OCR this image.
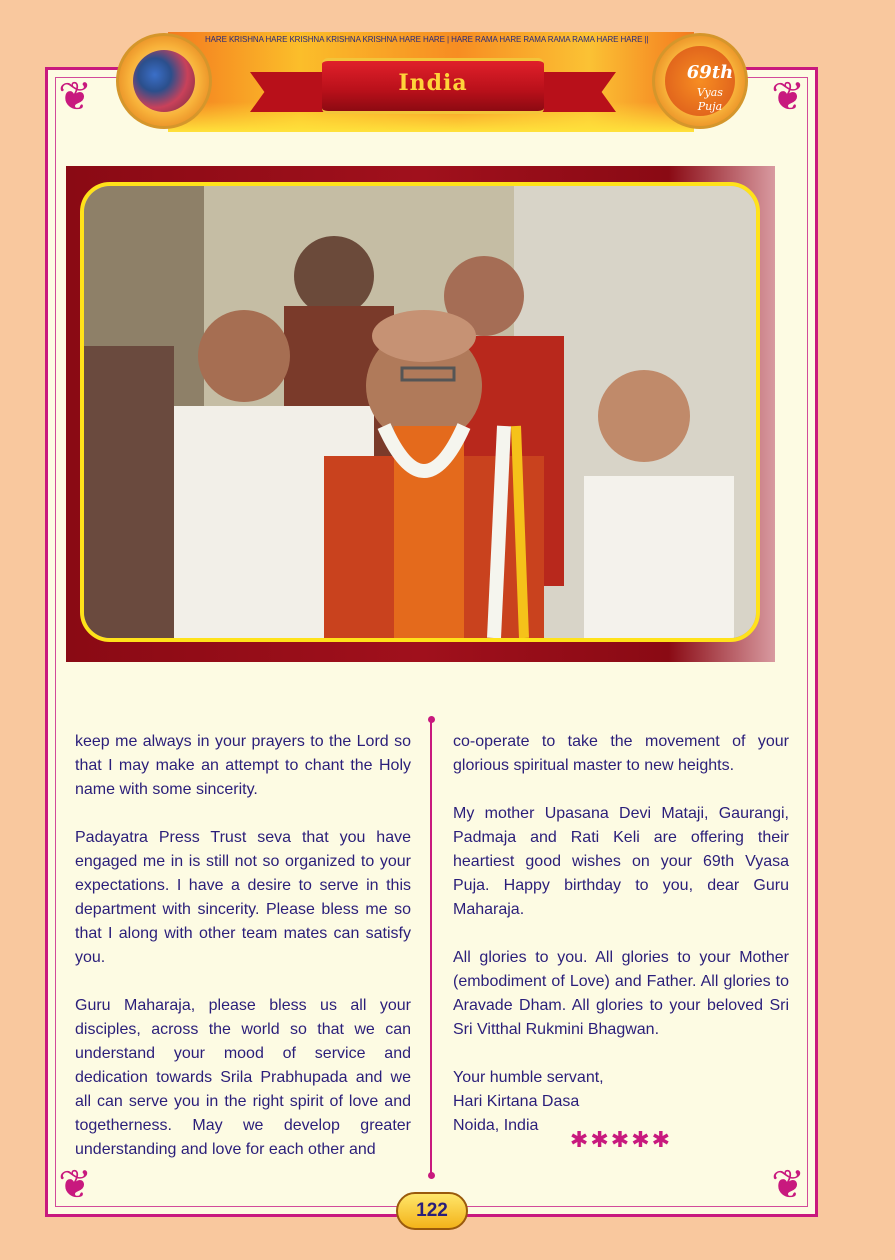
❦	❦
❦	❦
HARE KRISHNA HARE KRISHNA KRISHNA KRISHNA HARE HARE | HARE RAMA HARE RAMA RAMA RAMA HARE HARE ||
69th
Vyas
Puja
India

keep me always in your prayers to the Lord so that I may make an attempt to chant the Holy name with some sincerity.

Padayatra Press Trust seva that you have engaged me in is still not so organized to your expectations. I have a desire to serve in this department with sincerity. Please bless me so that I along with other team mates can satisfy you.

Guru Maharaja, please bless us all your disciples, across the world so that we can understand your mood of service and dedication towards Srila Prabhupada and we all can serve you in the right spirit of love and togetherness. May we develop greater understanding and love for each other and

co-operate to take the movement of your glorious spiritual master to new heights.

My mother Upasana Devi Mataji, Gaurangi, Padmaja and Rati Keli are offering their heartiest good wishes on your 69th Vyasa Puja. Happy birthday to you, dear Guru Maharaja.

All glories to you. All glories to your Mother (embodiment of Love) and Father. All glories to Aravade Dham. All glories to your beloved Sri Sri Vitthal Rukmini Bhagwan.

Your humble servant,
Hari Kirtana Dasa
Noida, India

✱✱✱✱✱
122
